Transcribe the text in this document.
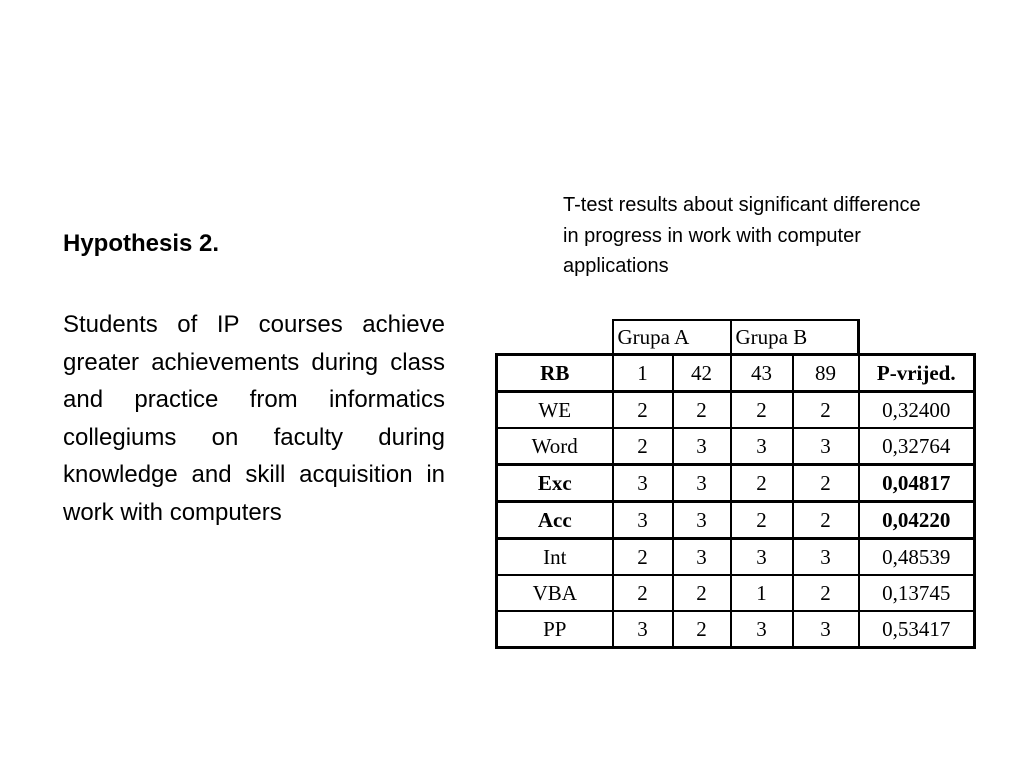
Hypothesis 2.

Students of IP courses achieve greater achievements during class and practice from informatics collegiums on faculty during knowledge and skill acquisition in work with computers

T-test results about significant difference in progress in work with computer applications

	Grupa A		Grupa B		
RB	1	42	43	89	P-vrijed.
WE	2	2	2	2	0,32400
Word	2	3	3	3	0,32764
Exc	3	3	2	2	0,04817
Acc	3	3	2	2	0,04220
Int	2	3	3	3	0,48539
VBA	2	2	1	2	0,13745
PP	3	2	3	3	0,53417
